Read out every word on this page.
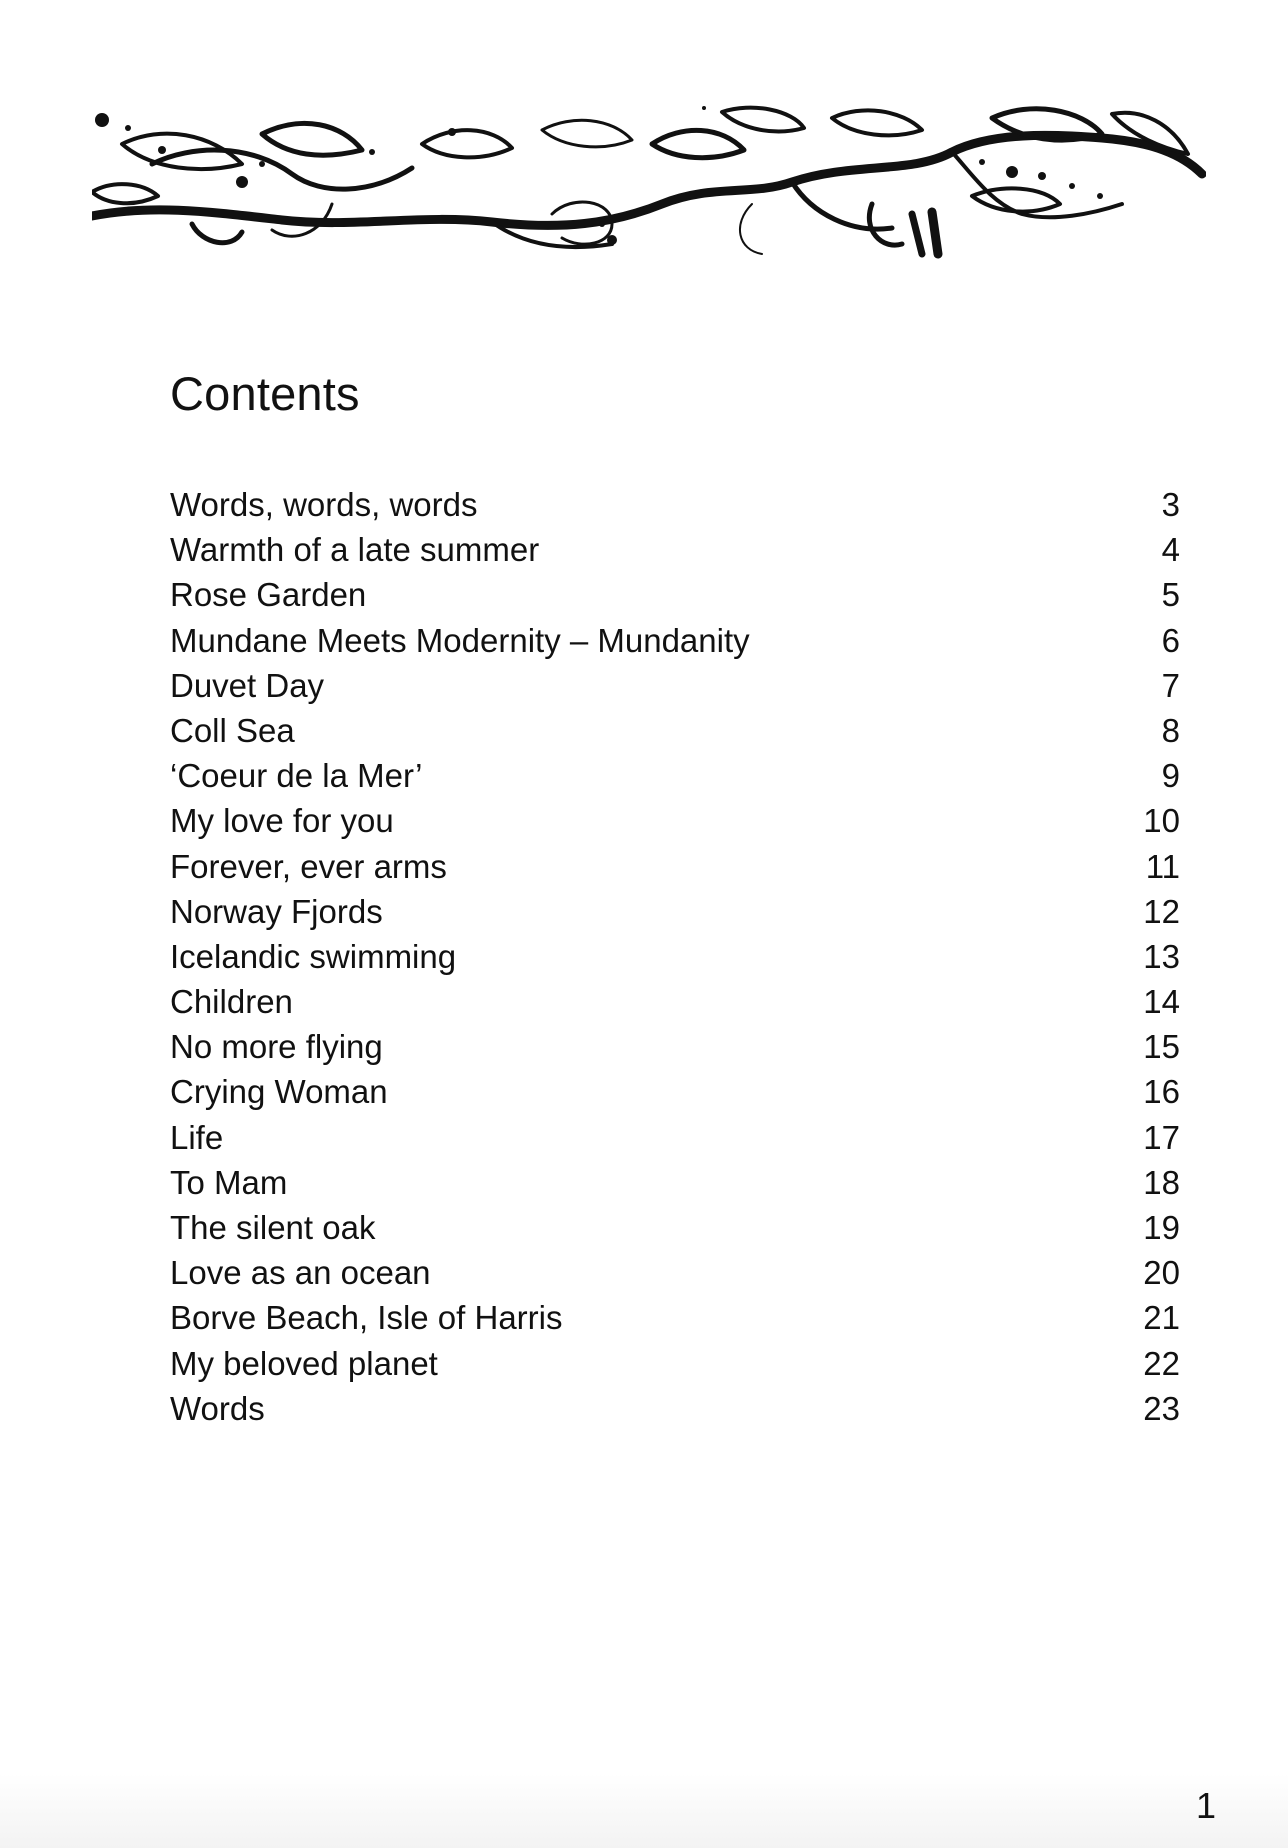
Contents
Words, words, words	3
Warmth of a late summer	4
Rose Garden	5
Mundane Meets Modernity – Mundanity	6
Duvet Day	7
Coll Sea	8
‘Coeur de la Mer’	9
My love for you	10
Forever, ever arms	11
Norway Fjords	12
Icelandic swimming	13
Children	14
No more flying	15
Crying Woman	16
Life	17
To Mam	18
The silent oak	19
Love as an ocean	20
Borve Beach, Isle of Harris	21
My beloved planet	22
Words	23
1
